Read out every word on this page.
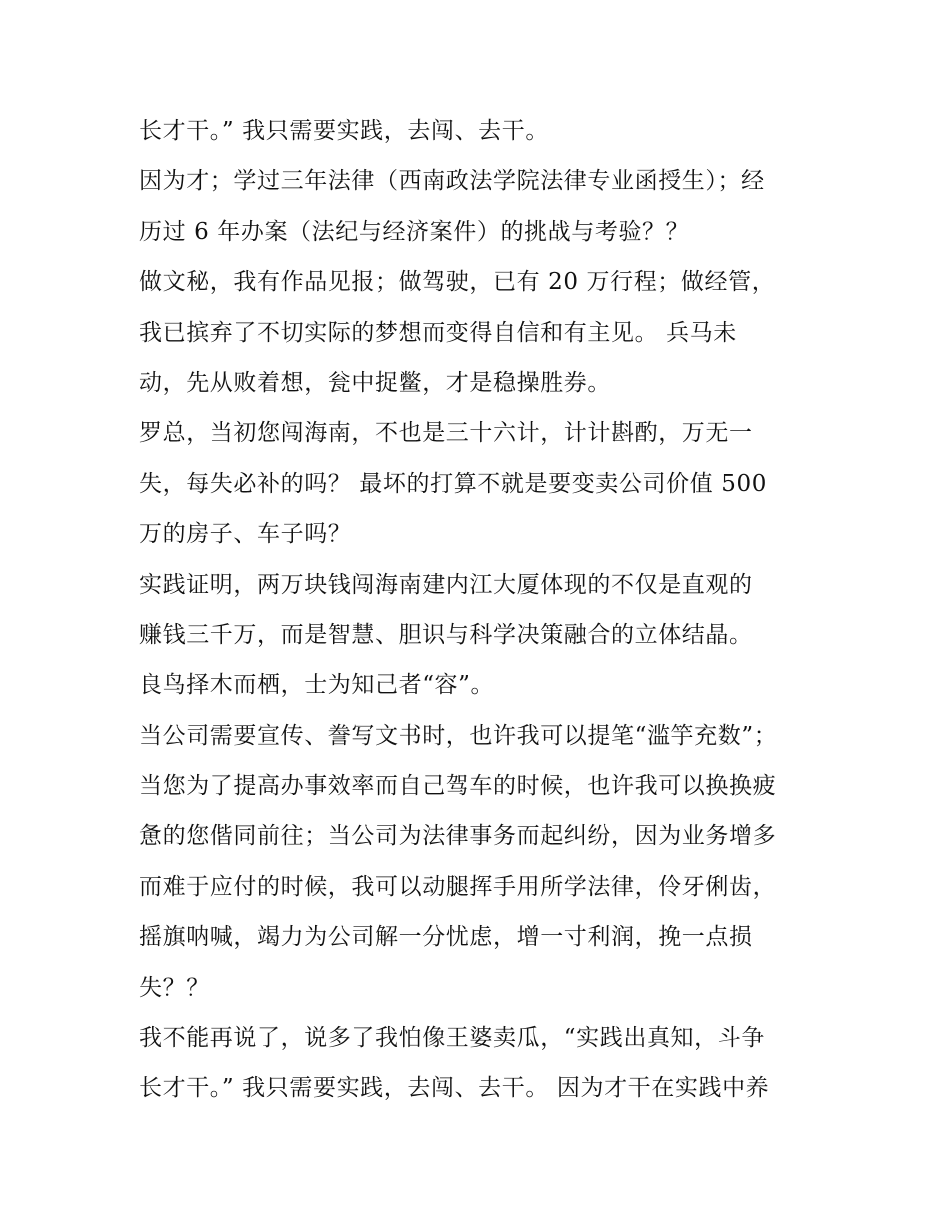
长才干。” 我只需要实践，去闯、去干。
因为才；学过三年法律（西南政法学院法律专业函授生）；经
历过 6 年办案（法纪与经济案件）的挑战与考验？？
做文秘，我有作品见报；做驾驶，已有 20 万行程；做经管，
我已摈弃了不切实际的梦想而变得自信和有主见。 兵马未
动，先从败着想，瓮中捉鳖，才是稳操胜券。
罗总，当初您闯海南，不也是三十六计，计计斟酌，万无一
失，每失必补的吗？ 最坏的打算不就是要变卖公司价值 500
万的房子、车子吗？
实践证明，两万块钱闯海南建内江大厦体现的不仅是直观的
赚钱三千万，而是智慧、胆识与科学决策融合的立体结晶。
良鸟择木而栖，士为知己者“容”。
当公司需要宣传、誊写文书时，也许我可以提笔“滥竽充数”；
当您为了提高办事效率而自己驾车的时候，也许我可以换换疲
惫的您偕同前往；当公司为法律事务而起纠纷，因为业务增多
而难于应付的时候，我可以动腿挥手用所学法律，伶牙俐齿，
摇旗呐喊，竭力为公司解一分忧虑，增一寸利润，挽一点损
失？？
我不能再说了，说多了我怕像王婆卖瓜，“实践出真知，斗争
长才干。” 我只需要实践，去闯、去干。 因为才干在实践中养
